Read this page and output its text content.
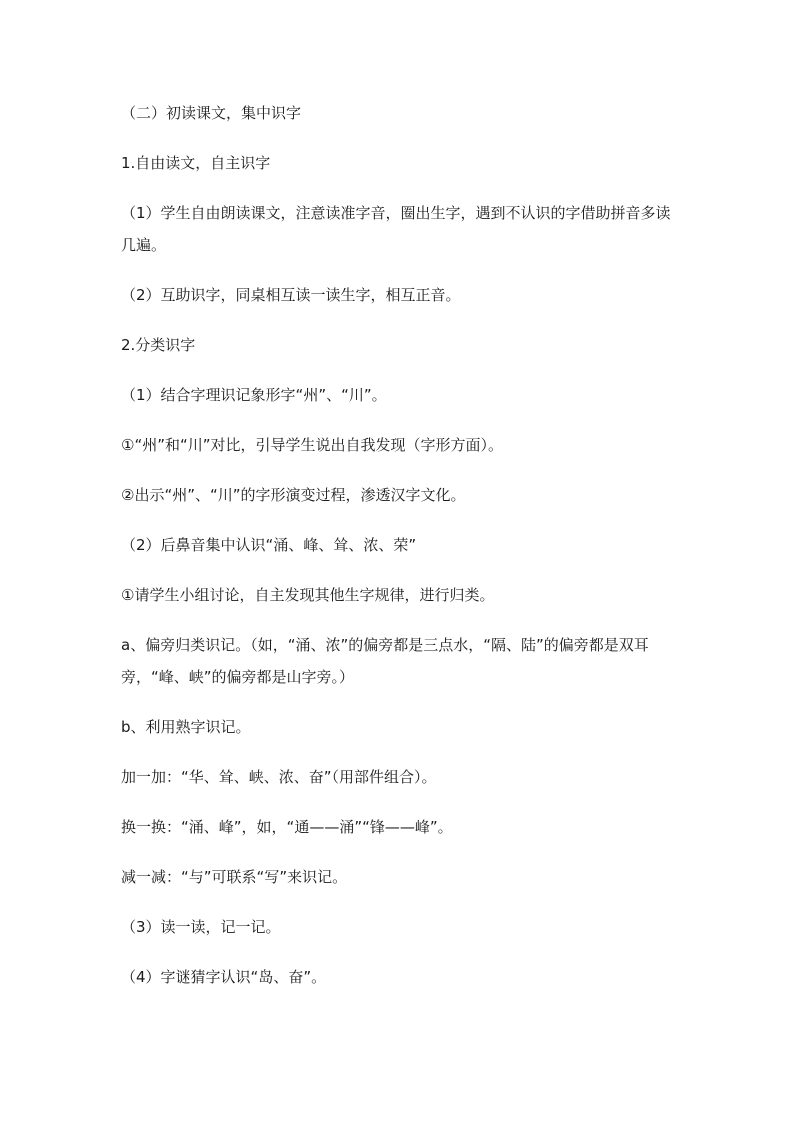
（二）初读课文，集中识字

1.自由读文，自主识字

（1）学生自由朗读课文，注意读准字音，圈出生字，遇到不认识的字借助拼音多读几遍。

（2）互助识字，同桌相互读一读生字，相互正音。

2.分类识字

（1）结合字理识记象形字“州”、“川”。

①“州”和“川”对比，引导学生说出自我发现（字形方面）。

②出示“州”、“川”的字形演变过程，渗透汉字文化。

（2）后鼻音集中认识“涌、峰、耸、浓、荣”

①请学生小组讨论，自主发现其他生字规律，进行归类。

a、偏旁归类识记。（如，“涌、浓”的偏旁都是三点水，“隔、陆”的偏旁都是双耳旁，“峰、峡”的偏旁都是山字旁。）

b、利用熟字识记。

加一加：“华、耸、峡、浓、奋”（用部件组合）。

换一换：“涌、峰”，如，“通——涌”“锋——峰”。

减一减：“与”可联系“写”来识记。

（3）读一读，记一记。

（4）字谜猜字认识“岛、奋”。
